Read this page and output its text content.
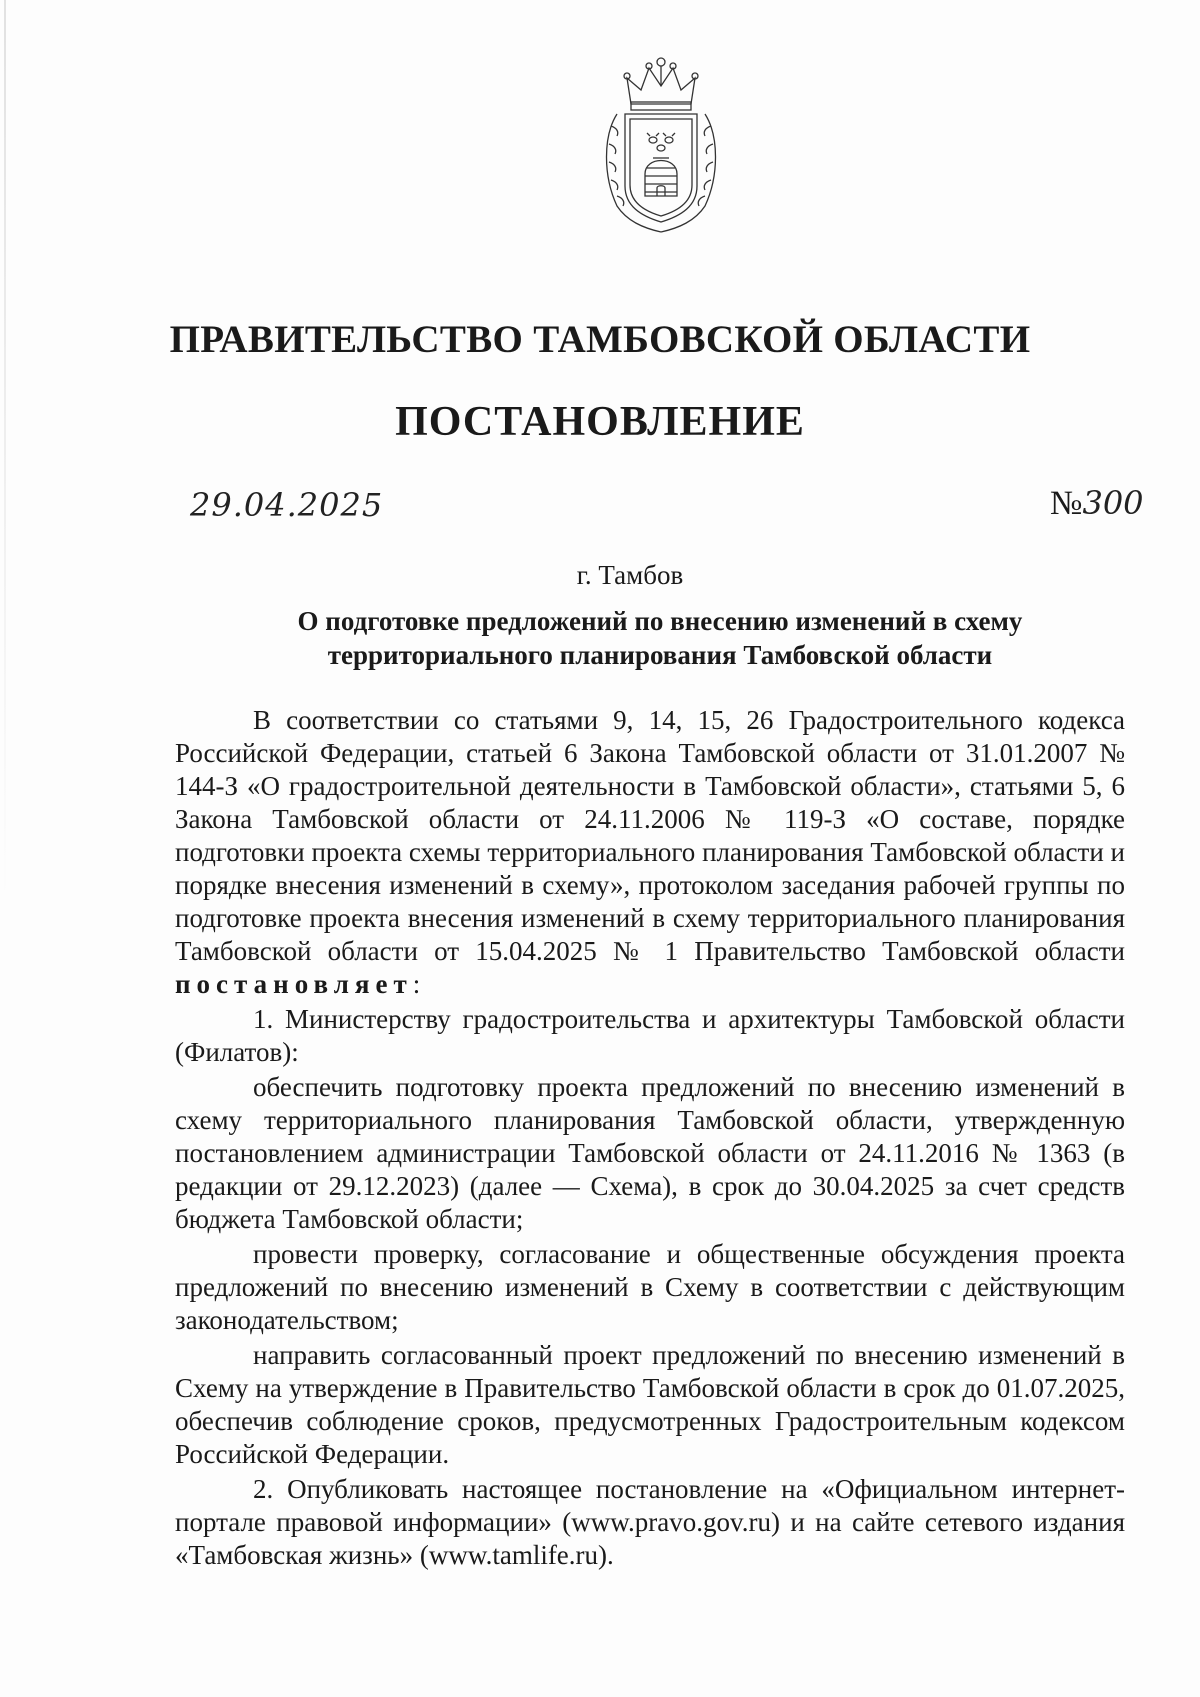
ПРАВИТЕЛЬСТВО ТАМБОВСКОЙ ОБЛАСТИ
ПОСТАНОВЛЕНИЕ
29.04.2025	№300
г. Тамбов
О подготовке предложений по внесению изменений в схему
территориального планирования Тамбовской области

В соответствии со статьями 9, 14, 15, 26 Градостроительного кодекса Российской Федерации, статьей 6 Закона Тамбовской области от 31.01.2007 № 144-З «О градостроительной деятельности в Тамбовской области», статьями 5, 6 Закона Тамбовской области от 24.11.2006 № 119-З «О составе, порядке подготовки проекта схемы территориального планирования Тамбовской области и порядке внесения изменений в схему», протоколом заседания рабочей группы по подготовке проекта внесения изменений в схему территориального планирования Тамбовской области от 15.04.2025 № 1 Правительство Тамбовской области постановляет:

1. Министерству градостроительства и архитектуры Тамбовской области (Филатов):

обеспечить подготовку проекта предложений по внесению изменений в схему территориального планирования Тамбовской области, утвержденную постановлением администрации Тамбовской области от 24.11.2016 № 1363 (в редакции от 29.12.2023) (далее — Схема), в срок до 30.04.2025 за счет средств бюджета Тамбовской области;

провести проверку, согласование и общественные обсуждения проекта предложений по внесению изменений в Схему в соответствии с действующим законодательством;

направить согласованный проект предложений по внесению изменений в Схему на утверждение в Правительство Тамбовской области в срок до 01.07.2025, обеспечив соблюдение сроков, предусмотренных Градостроительным кодексом Российской Федерации.

2. Опубликовать настоящее постановление на «Официальном интернет-портале правовой информации» (www.pravo.gov.ru) и на сайте сетевого издания «Тамбовская жизнь» (www.tamlife.ru).
